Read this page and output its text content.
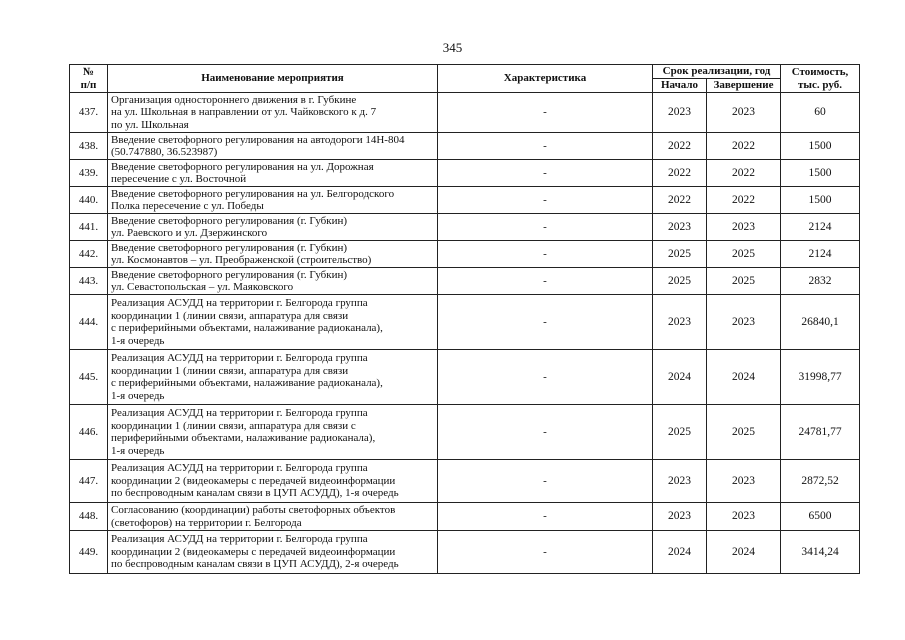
345
№
п/п	Наименование мероприятия	Характеристика	Срок реализации, год		Стоимость,
тыс. руб.
			Начало	Завершение	
437.	Организация одностороннего движения в г. Губкине
на ул. Школьная в направлении от ул. Чайковского к д. 7
по ул. Школьная	-	2023	2023	60
438.	Введение светофорного регулирования на автодороги 14Н-804
(50.747880, 36.523987)	-	2022	2022	1500
439.	Введение светофорного регулирования на ул. Дорожная
пересечение с ул. Восточной	-	2022	2022	1500
440.	Введение светофорного регулирования на ул. Белгородского
Полка пересечение с ул. Победы	-	2022	2022	1500
441.	Введение светофорного регулирования (г. Губкин)
ул. Раевского и ул. Дзержинского	-	2023	2023	2124
442.	Введение светофорного регулирования (г. Губкин)
ул. Космонавтов – ул. Преображенской (строительство)	-	2025	2025	2124
443.	Введение светофорного регулирования (г. Губкин)
ул. Севастопольская – ул. Маяковского	-	2025	2025	2832
444.	Реализация АСУДД на территории г. Белгорода группа
координации 1 (линии связи, аппаратура для связи
с периферийными объектами, налаживание радиоканала),
1-я очередь	-	2023	2023	26840,1
445.	Реализация АСУДД на территории г. Белгорода группа
координации 1 (линии связи, аппаратура для связи
с периферийными объектами, налаживание радиоканала),
1-я очередь	-	2024	2024	31998,77
446.	Реализация АСУДД на территории г. Белгорода группа
координации 1 (линии связи, аппаратура для связи с
периферийными объектами, налаживание радиоканала),
1-я очередь	-	2025	2025	24781,77
447.	Реализация АСУДД на территории г. Белгорода группа
координации 2 (видеокамеры с передачей видеоинформации
по беспроводным каналам связи в ЦУП АСУДД), 1-я очередь	-	2023	2023	2872,52
448.	Согласованию (координации) работы светофорных объектов
(светофоров) на территории г. Белгорода	-	2023	2023	6500
449.	Реализация АСУДД на территории г. Белгорода группа
координации 2 (видеокамеры с передачей видеоинформации
по беспроводным каналам связи в ЦУП АСУДД), 2-я очередь	-	2024	2024	3414,24
